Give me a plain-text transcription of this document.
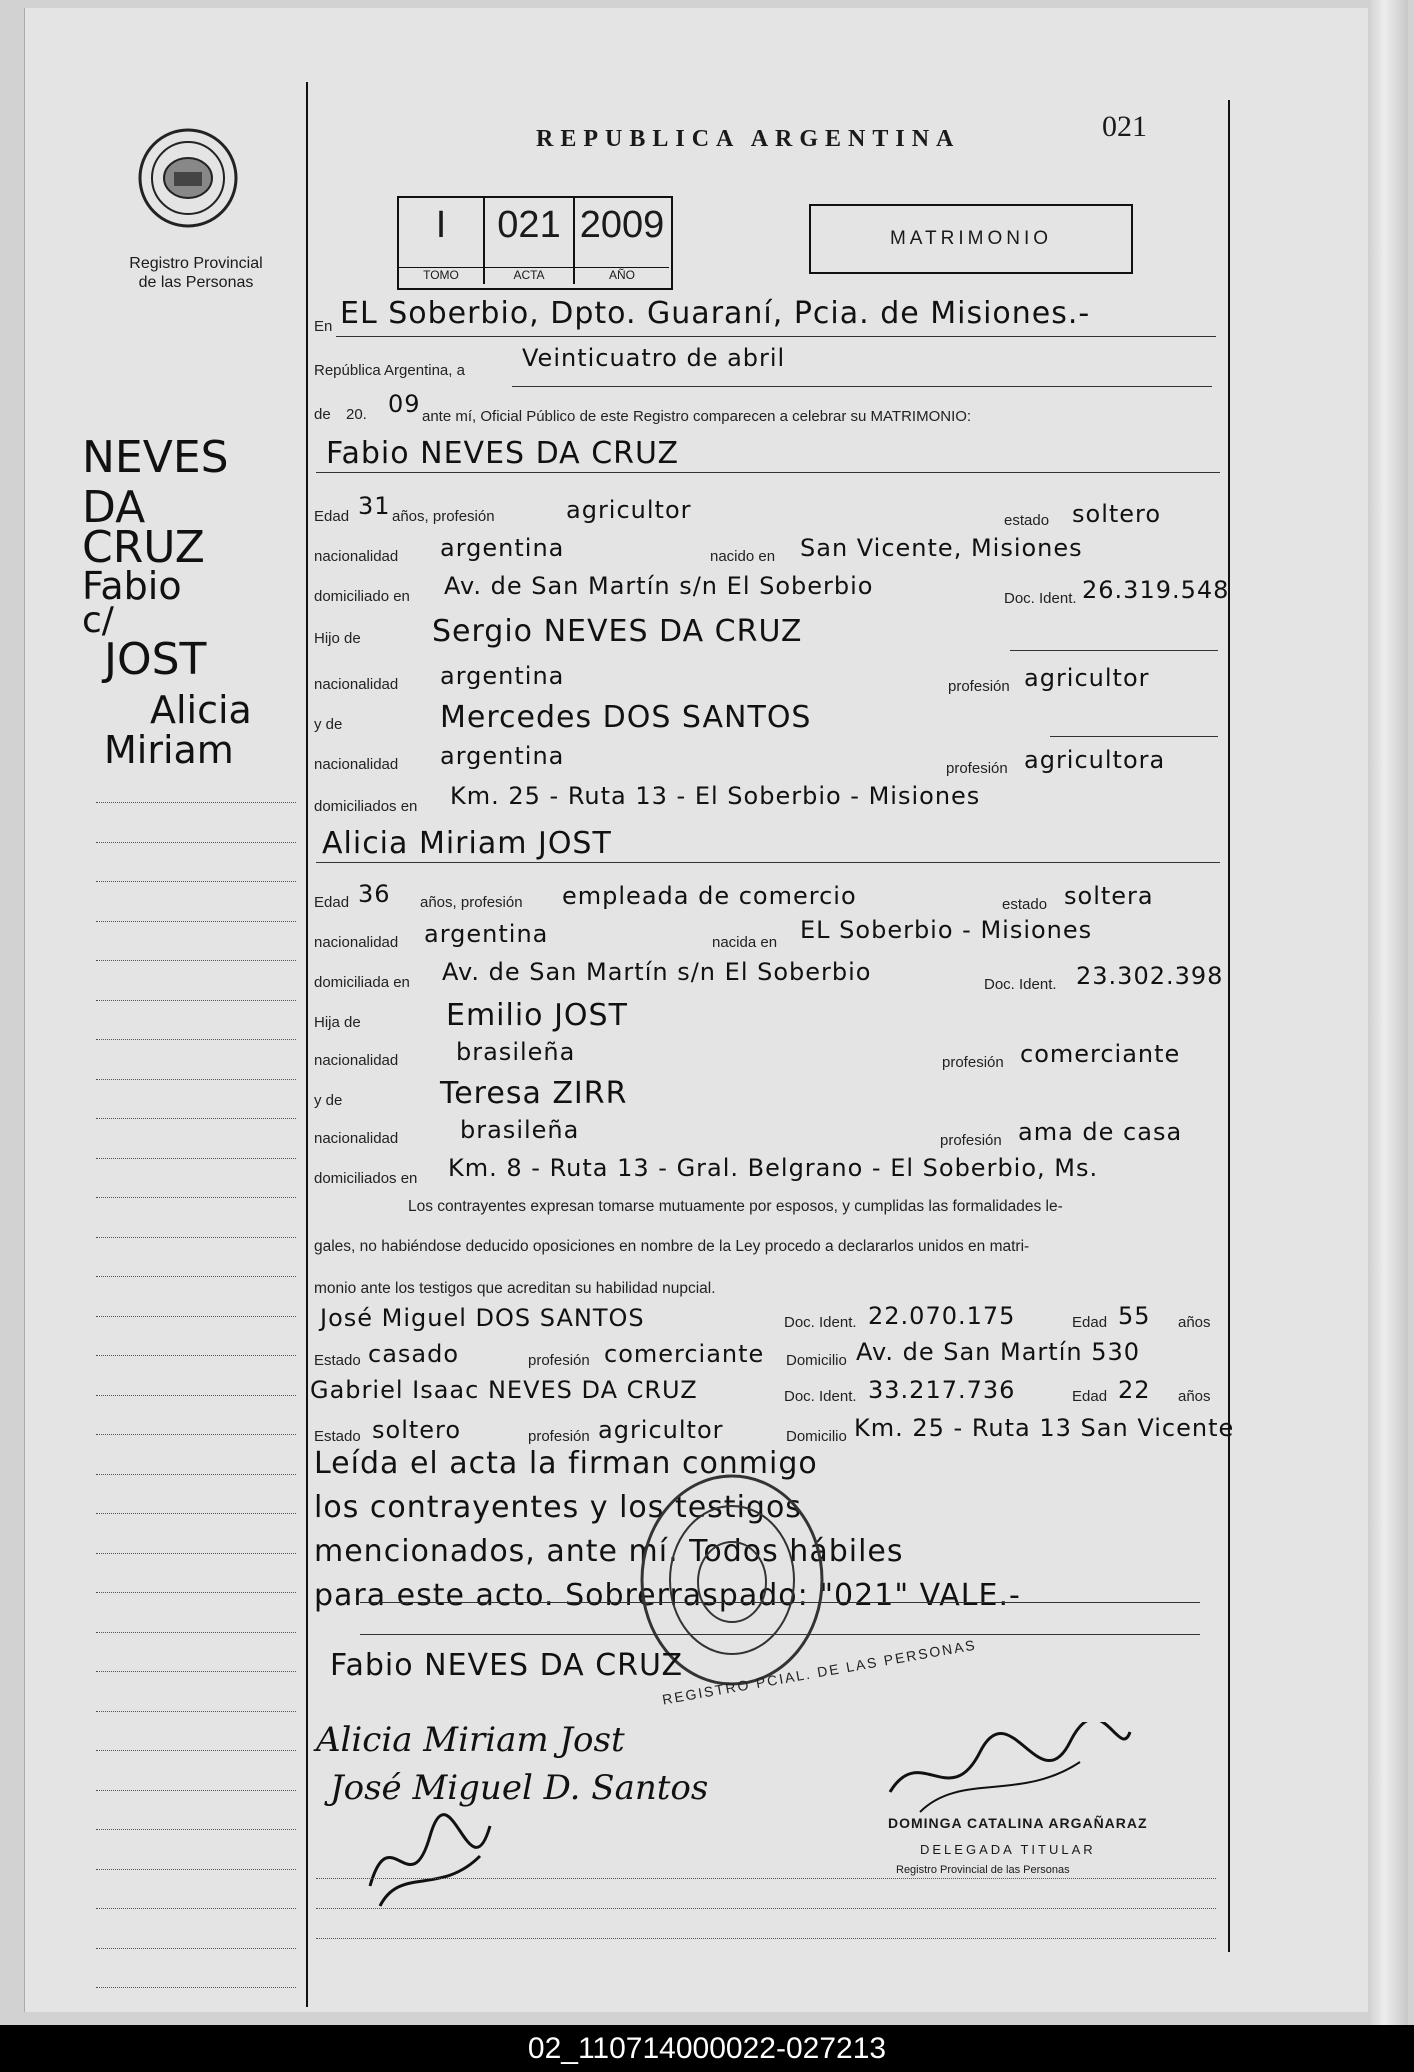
Registro Provincial
de las Personas
REPUBLICA ARGENTINA	021
I
TOMO
021
ACTA
2009
AÑO
MATRIMONIO
NEVES
DA
CRUZ
Fabio
c/
JOST
Alicia
Miriam
En EL Soberbio, Dpto. Guaraní, Pcia. de Misiones.-
República Argentina, a Veinticuatro de abril
de 20. 09 ante mí, Oficial Público de este Registro comparecen a celebrar su MATRIMONIO:
Fabio NEVES DA CRUZ
Edad 31 años, profesión	agricultor	estado soltero
nacionalidad argentina	nacido en San Vicente, Misiones
domiciliado en Av. de San Martín s/n El Soberbio	Doc. Ident. 26.319.548
Hijo de Sergio NEVES DA CRUZ
nacionalidad argentina	profesión agricultor
y de	Mercedes DOS SANTOS
nacionalidad argentina	profesión agricultora
domiciliados en Km. 25 - Ruta 13 - El Soberbio - Misiones
Alicia Miriam JOST
Edad 36 años, profesión empleada de comercio	estado soltera
nacionalidad argentina	nacida en EL Soberbio - Misiones
domiciliada en Av. de San Martín s/n El Soberbio	Doc. Ident. 23.302.398
Hija de	Emilio JOST
nacionalidad brasileña	profesión comerciante
y de	Teresa ZIRR
nacionalidad	brasileña	profesión ama de casa
domiciliados en Km. 8 - Ruta 13 - Gral. Belgrano - El Soberbio, Ms.
Los contrayentes expresan tomarse mutuamente por esposos, y cumplidas las formalidades le-
gales, no habiéndose deducido oposiciones en nombre de la Ley procedo a declararlos unidos en matri-
monio ante los testigos que acreditan su habilidad nupcial.
José Miguel DOS SANTOS	Doc. Ident. 22.070.175	Edad 55 años
Estado casado	profesión comerciante Domicilio Av. de San Martín 530
Gabriel Isaac NEVES DA CRUZ	Doc. Ident. 33.217.736	Edad 22 años
Estado soltero	profesión agricultor	Domicilio Km. 25 - Ruta 13 San Vicente
Leída el acta la firman conmigo
los contrayentes y los testigos
mencionados, ante mí. Todos hábiles
para este acto. Sobrerraspado: "021" VALE.-
REGISTRO PCIAL. DE LAS PERSONAS
Fabio NEVES DA CRUZ
Alicia Miriam Jost
José Miguel D. Santos
DOMINGA CATALINA ARGAÑARAZ
DELEGADA TITULAR
Registro Provincial de las Personas
02_110714000022-027213
